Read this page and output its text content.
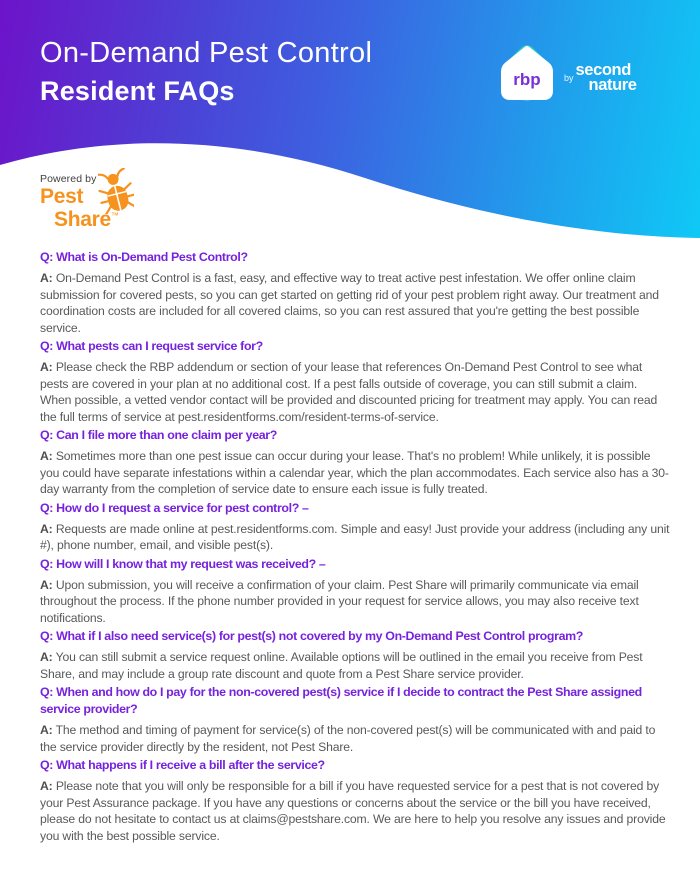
On-Demand Pest Control
Resident FAQs	rbp	by second
nature
Powered by
Pest
Share™
Q: What is On-Demand Pest Control?

A: On-Demand Pest Control is a fast, easy, and effective way to treat active pest infestation. We offer online claim submission for covered pests, so you can get started on getting rid of your pest problem right away. Our treatment and coordination costs are included for all covered claims, so you can rest assured that you're getting the best possible service.

Q: What pests can I request service for?

A: Please check the RBP addendum or section of your lease that references On-Demand Pest Control to see what pests are covered in your plan at no additional cost. If a pest falls outside of coverage, you can still submit a claim. When possible, a vetted vendor contact will be provided and discounted pricing for treatment may apply. You can read the full terms of service at pest.residentforms.com/resident-terms-of-service.

Q: Can I file more than one claim per year?

A: Sometimes more than one pest issue can occur during your lease. That's no problem! While unlikely, it is possible you could have separate infestations within a calendar year, which the plan accommodates. Each service also has a 30-day warranty from the completion of service date to ensure each issue is fully treated.

Q: How do I request a service for pest control? –

A: Requests are made online at pest.residentforms.com. Simple and easy! Just provide your address (including any unit #), phone number, email, and visible pest(s).

Q: How will I know that my request was received? –

A: Upon submission, you will receive a confirmation of your claim. Pest Share will primarily communicate via email throughout the process. If the phone number provided in your request for service allows, you may also receive text notifications.

Q: What if I also need service(s) for pest(s) not covered by my On-Demand Pest Control program?

A: You can still submit a service request online. Available options will be outlined in the email you receive from Pest Share, and may include a group rate discount and quote from a Pest Share service provider.

Q: When and how do I pay for the non-covered pest(s) service if I decide to contract the Pest Share assigned service provider?

A: The method and timing of payment for service(s) of the non-covered pest(s) will be communicated with and paid to the service provider directly by the resident, not Pest Share.

Q: What happens if I receive a bill after the service?

A: Please note that you will only be responsible for a bill if you have requested service for a pest that is not covered by your Pest Assurance package. If you have any questions or concerns about the service or the bill you have received, please do not hesitate to contact us at claims@pestshare.com. We are here to help you resolve any issues and provide you with the best possible service.
